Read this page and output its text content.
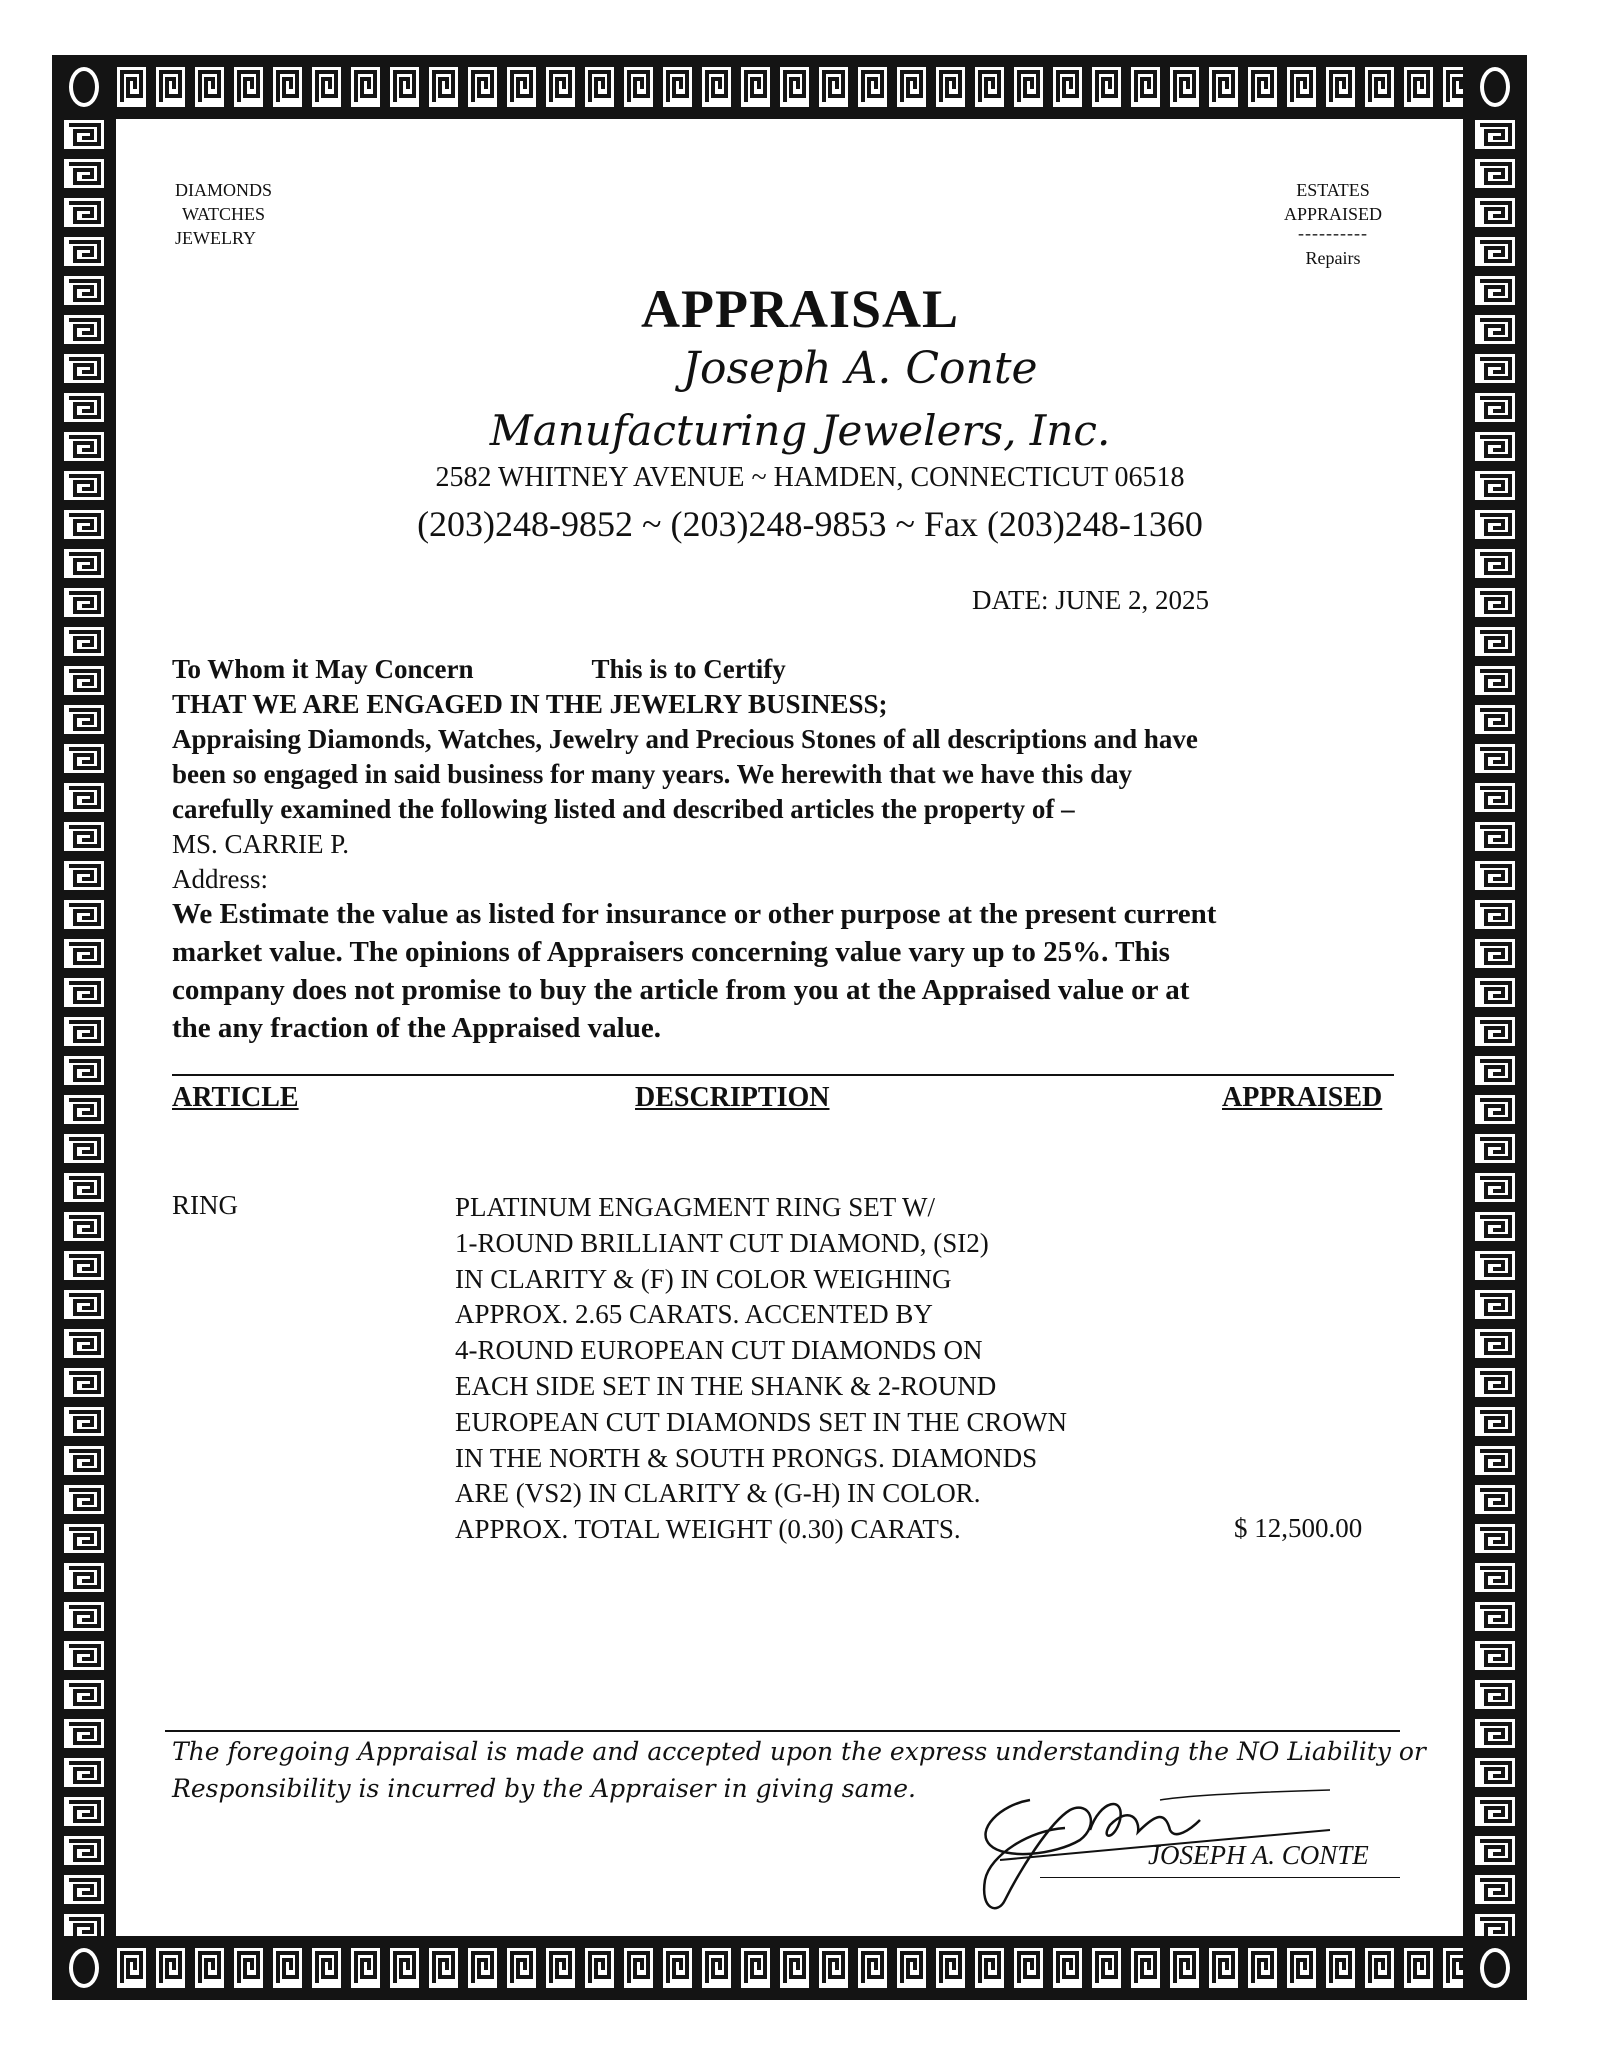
DIAMONDS
WATCHES
JEWELRY
ESTATES
APPRAISED
----------
Repairs
APPRAISAL
Joseph A. Conte
Manufacturing Jewelers, Inc.
2582 WHITNEY AVENUE ~ HAMDEN, CONNECTICUT 06518
(203)248-9852 ~ (203)248-9853 ~ Fax (203)248-1360
DATE: JUNE 2, 2025
To Whom it May Concern	This is to Certify
THAT WE ARE ENGAGED IN THE JEWELRY BUSINESS;
Appraising Diamonds, Watches, Jewelry and Precious Stones of all descriptions and have
been so engaged in said business for many years. We herewith that we have this day
carefully examined the following listed and described articles the property of –
MS. CARRIE P.
Address:
We Estimate the value as listed for insurance or other purpose at the present current
market value. The opinions of Appraisers concerning value vary up to 25%. This
company does not promise to buy the article from you at the Appraised value or at
the any fraction of the Appraised value.
ARTICLE	DESCRIPTION	APPRAISED
RING	PLATINUM ENGAGMENT RING SET W/
1-ROUND BRILLIANT CUT DIAMOND, (SI2)
IN CLARITY & (F) IN COLOR WEIGHING
APPROX. 2.65 CARATS. ACCENTED BY
4-ROUND EUROPEAN CUT DIAMONDS ON
EACH SIDE SET IN THE SHANK & 2-ROUND
EUROPEAN CUT DIAMONDS SET IN THE CROWN
IN THE NORTH & SOUTH PRONGS. DIAMONDS
ARE (VS2) IN CLARITY & (G-H) IN COLOR.
APPROX. TOTAL WEIGHT (0.30) CARATS.	$ 12,500.00
The foregoing Appraisal is made and accepted upon the express understanding the NO Liability or
Responsibility is incurred by the Appraiser in giving same.
JOSEPH A. CONTE
